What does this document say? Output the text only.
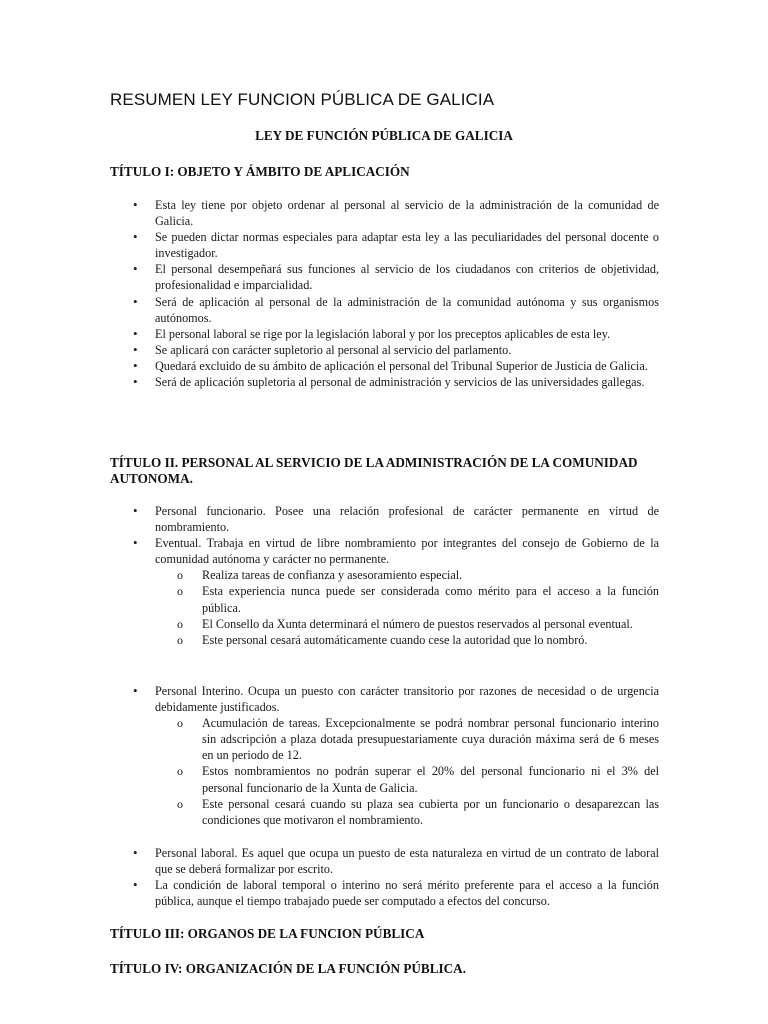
RESUMEN LEY FUNCION PÚBLICA DE GALICIA
LEY DE FUNCIÓN PÚBLICA DE GALICIA
TÍTULO I: OBJETO Y ÁMBITO DE APLICACIÓN
• Esta ley tiene por objeto ordenar al personal al servicio de la administración de la comunidad de Galicia.
• Se pueden dictar normas especiales para adaptar esta ley a las peculiaridades del personal docente o investigador.
• El personal desempeñará sus funciones al servicio de los ciudadanos con criterios de objetividad, profesionalidad e imparcialidad.
• Será de aplicación al personal de la administración de la comunidad autónoma y sus organismos autónomos.
• El personal laboral se rige por la legislación laboral y por los preceptos aplicables de esta ley.
• Se aplicará con carácter supletorio al personal al servicio del parlamento.
• Quedará excluido de su ámbito de aplicación el personal del Tribunal Superior de Justicia de Galicia.
• Será de aplicación supletoria al personal de administración y servicios de las universidades gallegas.
TÍTULO II. PERSONAL AL SERVICIO DE LA ADMINISTRACIÓN DE LA COMUNIDAD AUTONOMA.
• Personal funcionario. Posee una relación profesional de carácter permanente en virtud de nombramiento.
• Eventual. Trabaja en virtud de libre nombramiento por integrantes del consejo de Gobierno de la comunidad autónoma y carácter no permanente.
o Realiza tareas de confianza y asesoramiento especial.
o Esta experiencia nunca puede ser considerada como mérito para el acceso a la función pública.
o El Consello da Xunta determinará el número de puestos reservados al personal eventual.
o Este personal cesará automáticamente cuando cese la autoridad que lo nombró.
• Personal Interino. Ocupa un puesto con carácter transitorio por razones de necesidad o de urgencia debidamente justificados.
o Acumulación de tareas. Excepcionalmente se podrá nombrar personal funcionario interino sin adscripción a plaza dotada presupuestariamente cuya duración máxima será de 6 meses en un periodo de 12.
o Estos nombramientos no podrán superar el 20% del personal funcionario ni el 3% del personal funcionario de la Xunta de Galicia.
o Este personal cesará cuando su plaza sea cubierta por un funcionario o desaparezcan las condiciones que motivaron el nombramiento.
• Personal laboral. Es aquel que ocupa un puesto de esta naturaleza en virtud de un contrato de laboral que se deberá formalizar por escrito.
• La condición de laboral temporal o interino no será mérito preferente para el acceso a la función pública, aunque el tiempo trabajado puede ser computado a efectos del concurso.
TÍTULO III: ORGANOS DE LA FUNCION PÚBLICA
TÍTULO IV: ORGANIZACIÓN DE LA FUNCIÓN PÚBLICA.
